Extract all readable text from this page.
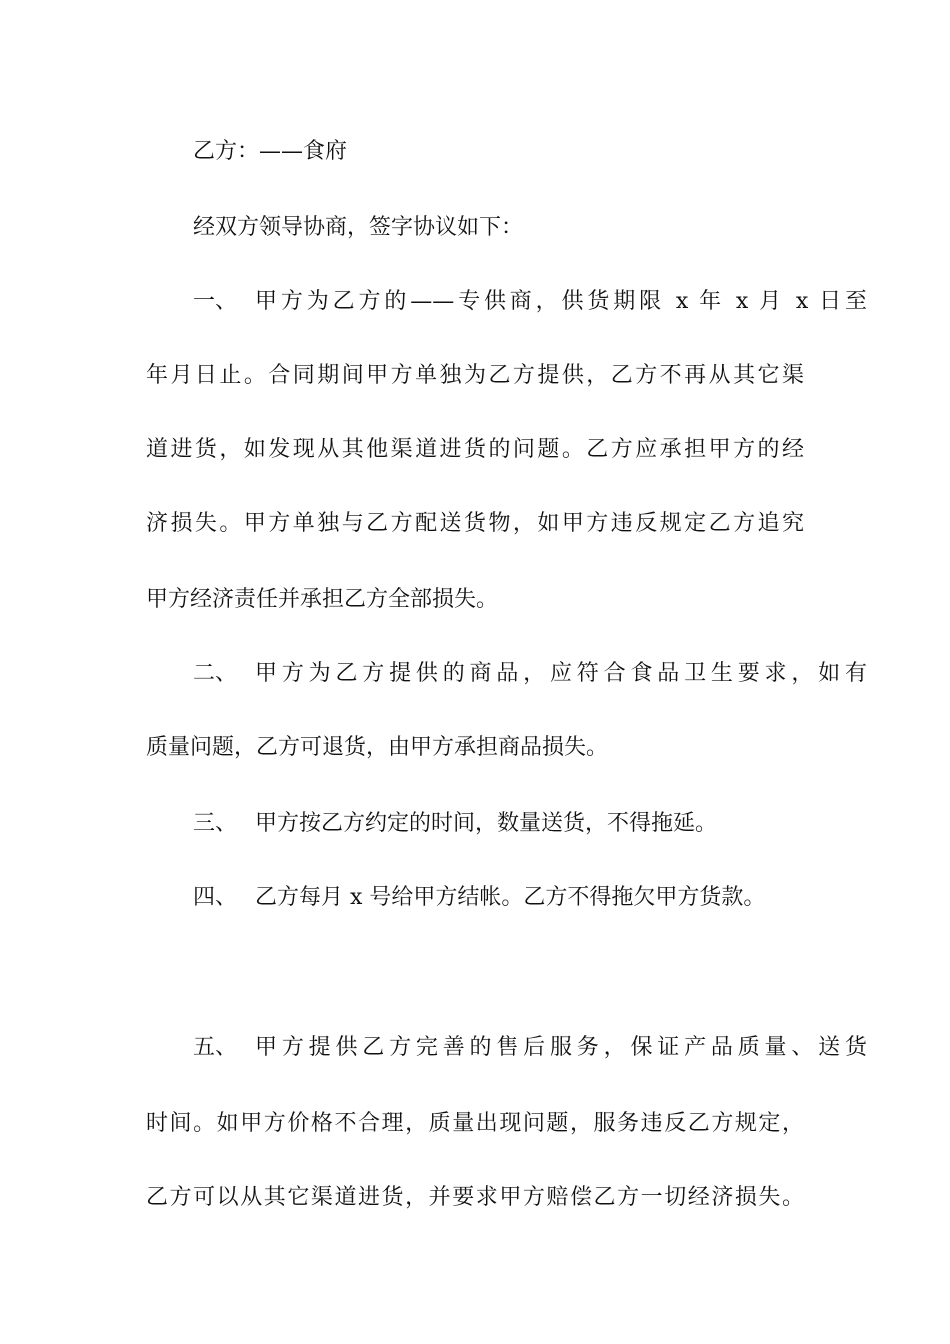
乙方：——食府
经双方领导协商，签字协议如下：
一、 甲方为乙方的——专供商，供货期限 x 年 x 月 x 日至
年月日止。合同期间甲方单独为乙方提供，乙方不再从其它渠
道进货，如发现从其他渠道进货的问题。乙方应承担甲方的经
济损失。甲方单独与乙方配送货物，如甲方违反规定乙方追究
甲方经济责任并承担乙方全部损失。
二、 甲方为乙方提供的商品，应符合食品卫生要求，如有
质量问题，乙方可退货，由甲方承担商品损失。
三、 甲方按乙方约定的时间，数量送货，不得拖延。
四、 乙方每月 x 号给甲方结帐。乙方不得拖欠甲方货款。
五、 甲方提供乙方完善的售后服务，保证产品质量、送货
时间。如甲方价格不合理，质量出现问题，服务违反乙方规定，
乙方可以从其它渠道进货，并要求甲方赔偿乙方一切经济损失。
